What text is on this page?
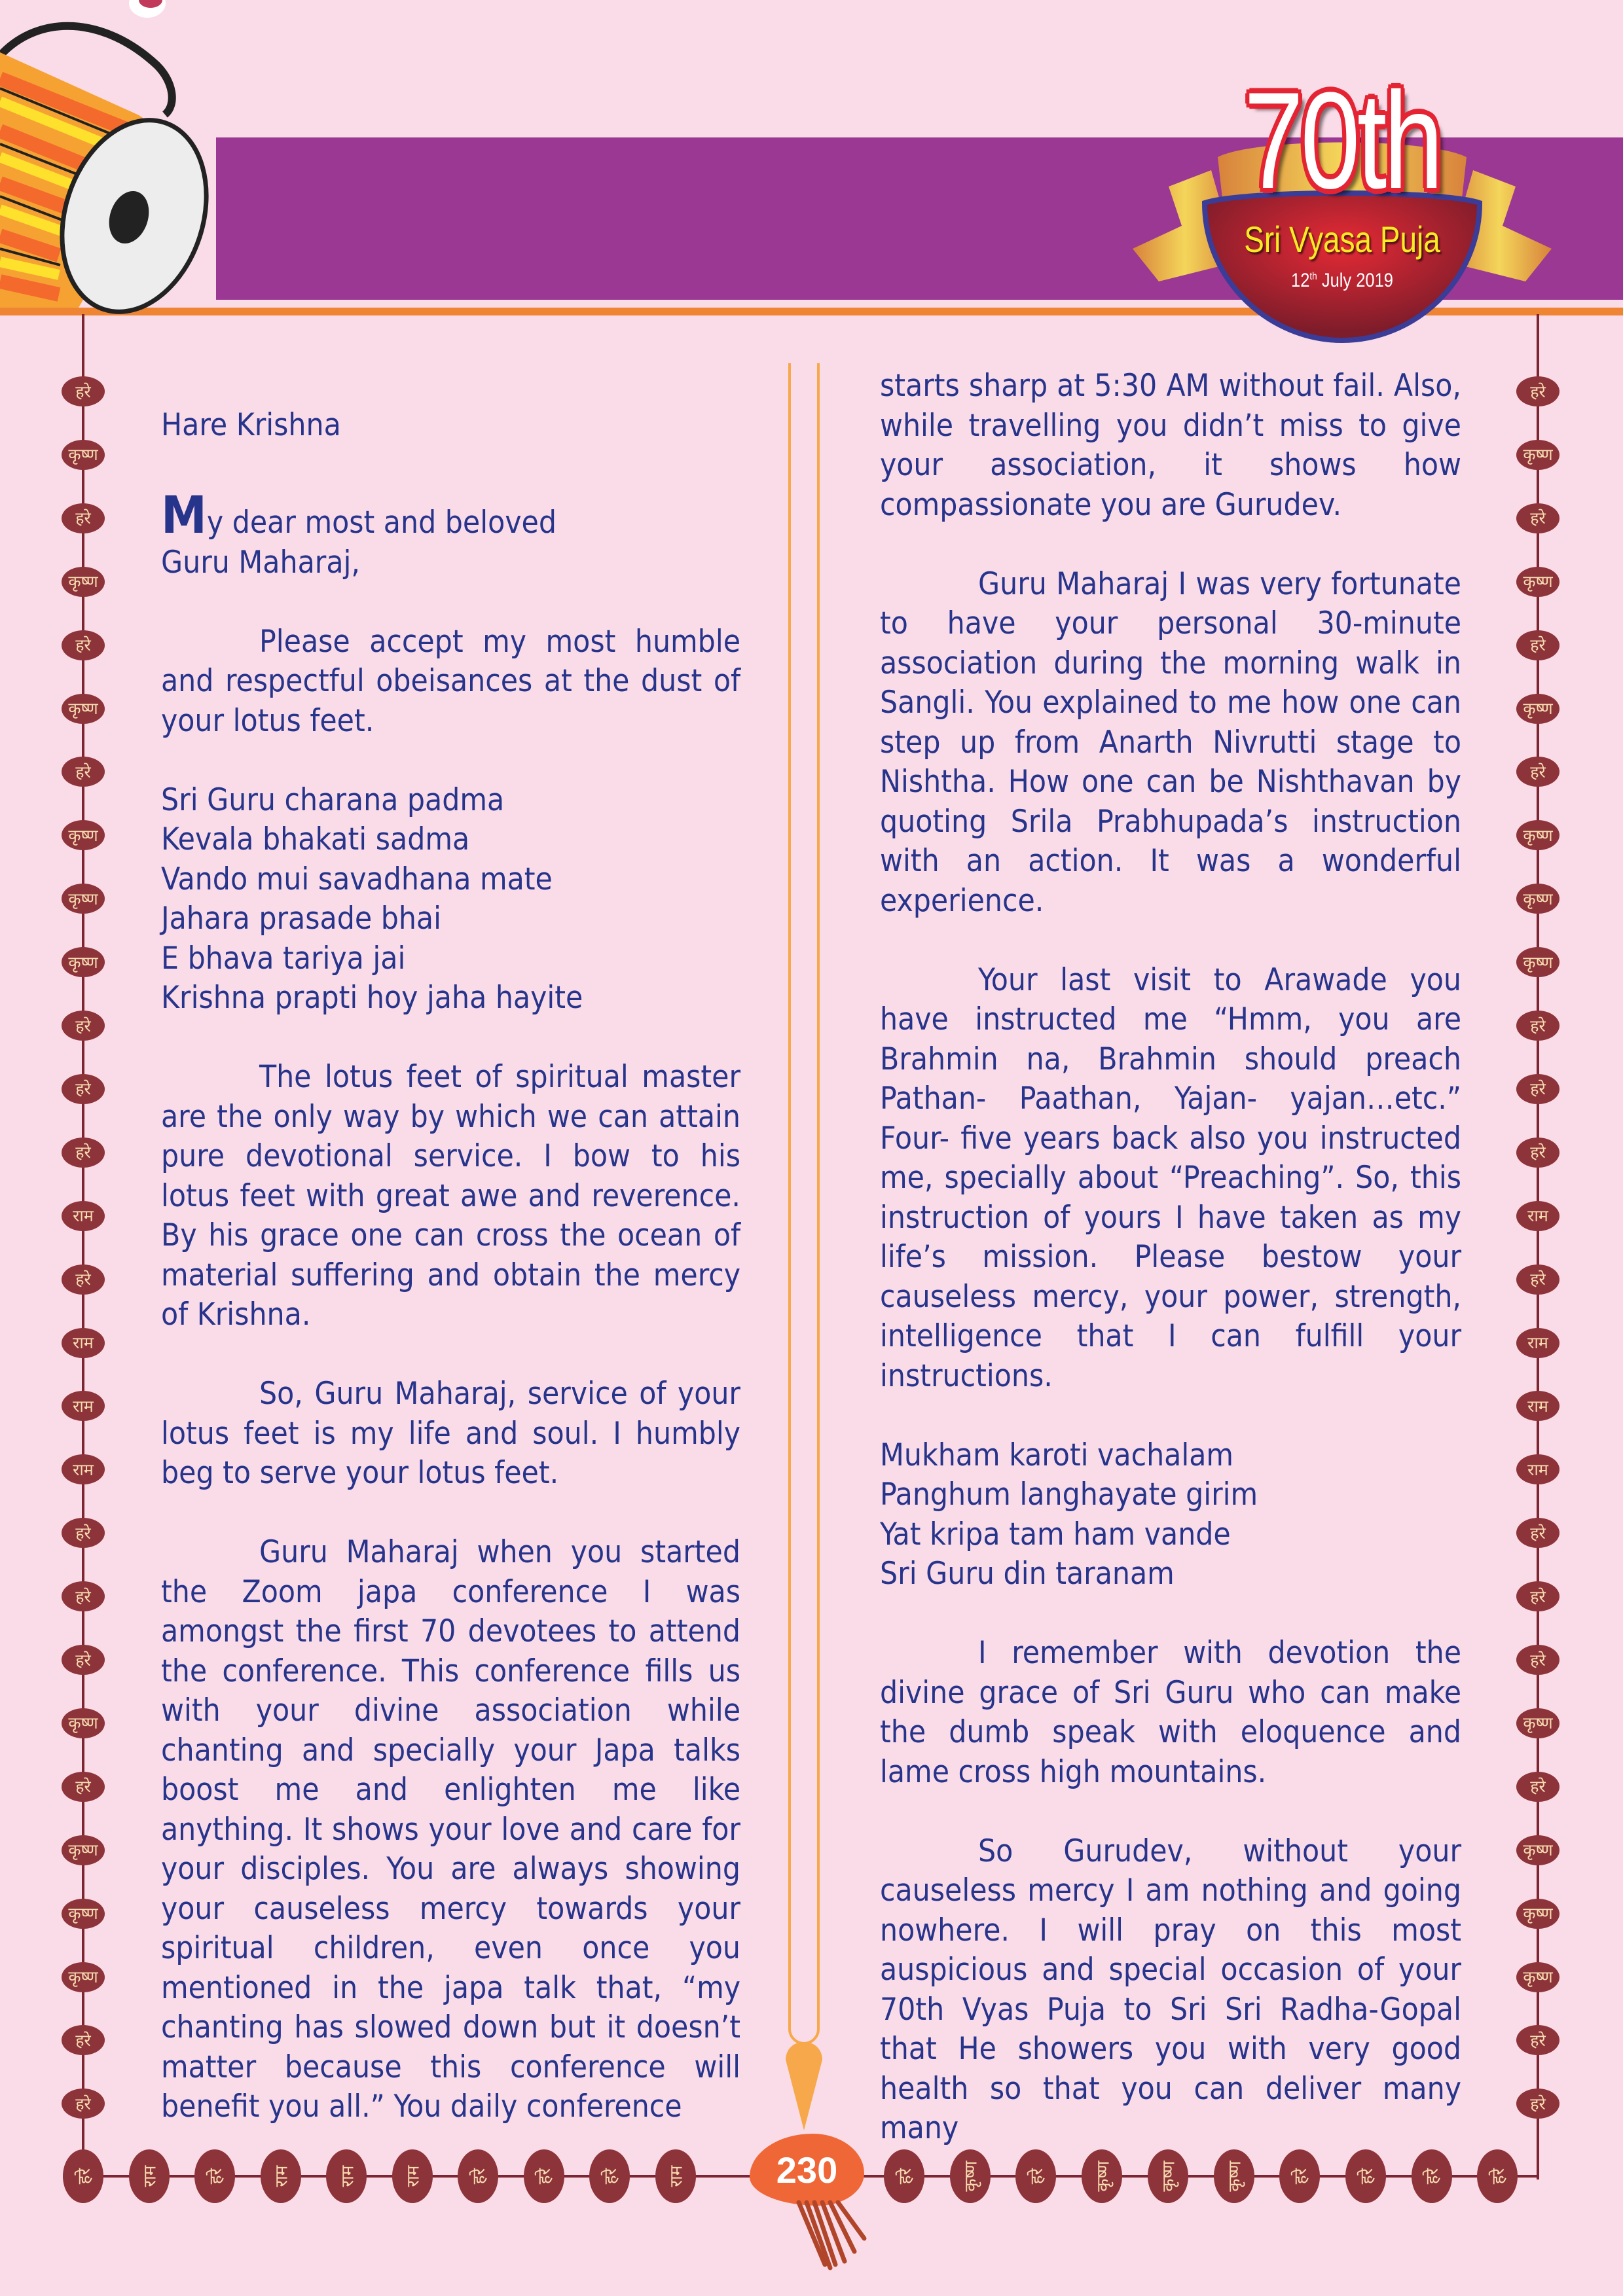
70th
Sri Vyasa Puja
12th July 2019
हरे
कृष्ण
हरे
कृष्ण
हरे
कृष्ण
हरे
कृष्ण
कृष्ण
कृष्ण
हरे
हरे
हरे
राम
हरे
राम
राम
राम
हरे
हरे
हरे
कृष्ण
हरे
कृष्ण
कृष्ण
कृष्ण
हरे
हरे
हरे
कृष्ण
हरे
कृष्ण
हरे
कृष्ण
हरे
कृष्ण
कृष्ण
कृष्ण
हरे
हरे
हरे
राम
हरे
राम
राम
राम
हरे
हरे
हरे
कृष्ण
हरे
कृष्ण
कृष्ण
कृष्ण
हरे
हरे
हरे	राम	हरे	राम	राम	राम	हरे	हरे	हरे	राम	हरे	कृष्ण	हरे	कृष्ण	कृष्ण	कृष्ण	हरे	हरे	हरे	हरे
230
Hare Krishna
My dear most and beloved
Guru Maharaj,

Please accept my most humble and respectful obeisances at the dust of your lotus feet.

Sri Guru charana padma
Kevala bhakati sadma
Vando mui savadhana mate
Jahara prasade bhai
E bhava tariya jai
Krishna prapti hoy jaha hayite

The lotus feet of spiritual master are the only way by which we can attain pure devotional service. I bow to his lotus feet with great awe and reverence. By his grace one can cross the ocean of material suffering and obtain the mercy of Krishna.

So, Guru Maharaj, service of your lotus feet is my life and soul. I humbly beg to serve your lotus feet.

Guru Maharaj when you started the Zoom japa conference I was amongst the first 70 devotees to attend the conference. This conference fills us with your divine association while chanting and specially your Japa talks boost me and enlighten me like anything. It shows your love and care for your disciples. You are always showing your causeless mercy towards your spiritual children, even once you mentioned in the japa talk that, “my chanting has slowed down but it doesn’t matter because this conference will benefit you all.” You daily conference

starts sharp at 5:30 AM without fail. Also, while travelling you didn’t miss to give your association, it shows how compassionate you are Gurudev.

Guru Maharaj I was very fortunate to have your personal 30-minute association during the morning walk in Sangli. You explained to me how one can step up from Anarth Nivrutti stage to Nishtha. How one can be Nishthavan by quoting Srila Prabhupada’s instruction with an action. It was a wonderful experience.

Your last visit to Arawade you have instructed me “Hmm, you are Brahmin na, Brahmin should preach Pathan- Paathan, Yajan- yajan…etc.” Four- five years back also you instructed me, specially about “Preaching”. So, this instruction of yours I have taken as my life’s mission. Please bestow your causeless mercy, your power, strength, intelligence that I can fulfill your instructions.

Mukham karoti vachalam
Panghum langhayate girim
Yat kripa tam ham vande
Sri Guru din taranam

I remember with devotion the divine grace of Sri Guru who can make the dumb speak with eloquence and lame cross high mountains.

So Gurudev, without your causeless mercy I am nothing and going nowhere. I will pray on this most auspicious and special occasion of your 70th Vyas Puja to Sri Sri Radha-Gopal that He showers you with very good health so that you can deliver many many
